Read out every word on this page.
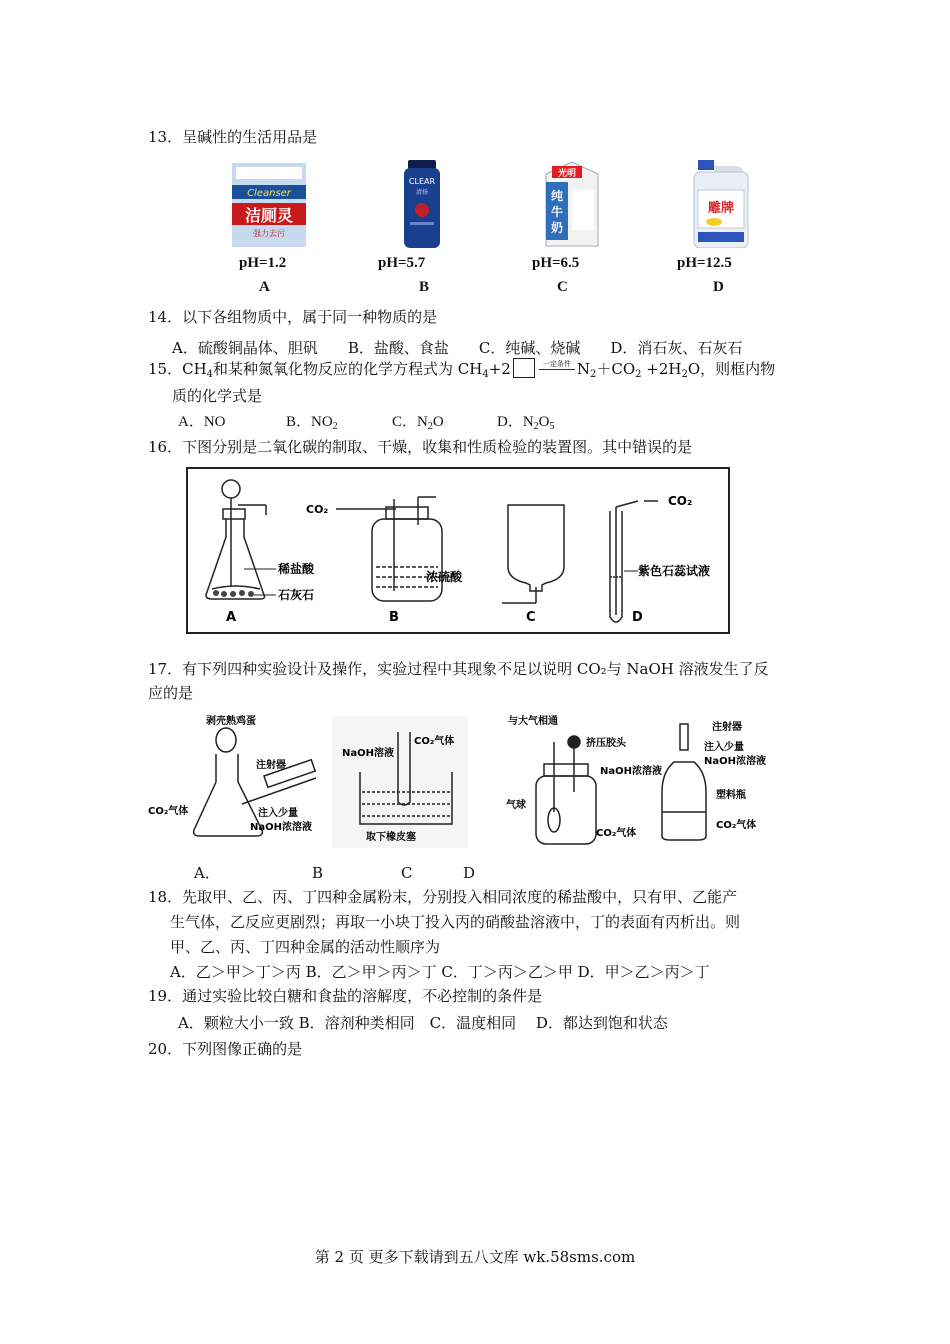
13．呈碱性的生活用品是
Cleanser
洁厕灵
强力去污
CLEAR
清扬
光明
纯
牛
奶
雕牌
pH=1.2	pH=5.7	pH=6.5	pH=12.5
A	B	C	D
14．以下各组物质中，属于同一种物质的是
A．硫酸铜晶体、胆矾　　B．盐酸、食盐　　C．纯碱、烧碱　　D．消石灰、石灰石
15．$CH_4$和某种氮氧化物反应的化学方程式为 $CH_4+2$	一定条件 $N_2+CO_2 +2H_2O$，则框内物
质的化学式是
A．NO	B．$NO_2$	C．$N_2O$	D．$N_2O_5$
16．下图分别是二氧化碳的制取、干燥，收集和性质检验的装置图。其中错误的是
稀盐酸
石灰石
A
CO₂
浓硫酸
B	C
CO₂
紫色石蕊试液
D
17．有下列四种实验设计及操作，实验过程中其现象不足以说明 CO₂与 NaOH 溶液发生了反
应的是
剥壳熟鸡蛋
注射器
CO₂气体	注入少量
NaOH浓溶液
NaOH溶液
CO₂气体
取下橡皮塞
与大气相通
挤压胶头
NaOH浓溶液
气球
CO₂气体
注射器
注入少量
NaOH浓溶液
塑料瓶
CO₂气体
A．	B	C	D
18．先取甲、乙、丙、丁四种金属粉末，分别投入相同浓度的稀盐酸中，只有甲、乙能产
生气体，乙反应更剧烈；再取一小块丁投入丙的硝酸盐溶液中，丁的表面有丙析出。则
甲、乙、丙、丁四种金属的活动性顺序为
A．乙＞甲＞丁＞丙 B．乙＞甲＞丙＞丁 C．丁＞丙＞乙＞甲 D．甲＞乙＞丙＞丁
19．通过实验比较白糖和食盐的溶解度，不必控制的条件是
A．颗粒大小一致 B．溶剂种类相同　C．温度相同　 D．都达到饱和状态
20．下列图像正确的是
第 2 页 更多下载请到五八文库 wk.58sms.com
